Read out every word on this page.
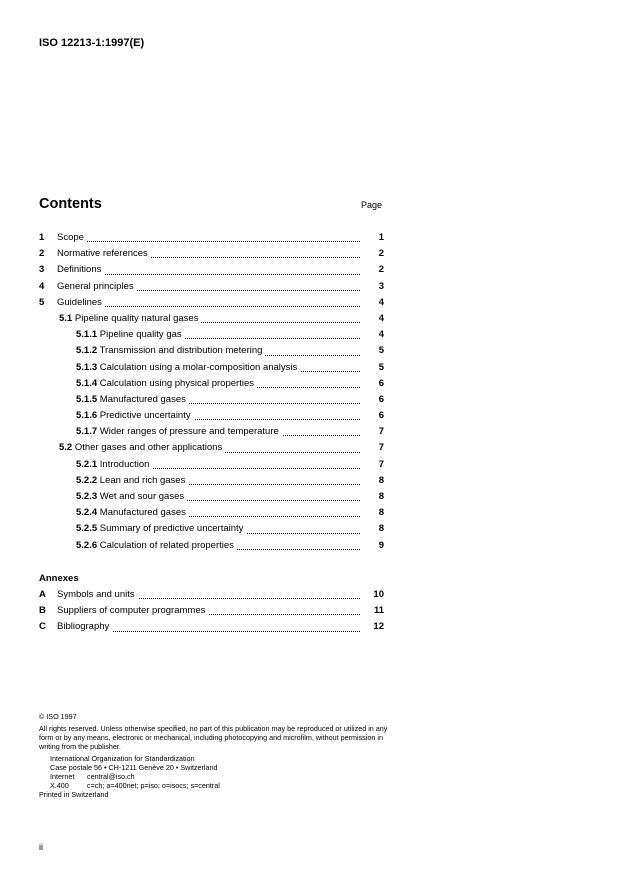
ISO 12213-1:1997(E)
Contents	Page
1 Scope	1
2 Normative references	2
3 Definitions	2
4 General principles	3
5 Guidelines	4
5.1 Pipeline quality natural gases	4
5.1.1 Pipeline quality gas	4
5.1.2 Transmission and distribution metering	5
5.1.3 Calculation using a molar-composition analysis	5
5.1.4 Calculation using physical properties	6
5.1.5 Manufactured gases	6
5.1.6 Predictive uncertainty	6
5.1.7 Wider ranges of pressure and temperature	7
5.2 Other gases and other applications	7
5.2.1 Introduction	7
5.2.2 Lean and rich gases	8
5.2.3 Wet and sour gases	8
5.2.4 Manufactured gases	8
5.2.5 Summary of predictive uncertainty	8
5.2.6 Calculation of related properties	9
Annexes
A Symbols and units	10
B Suppliers of computer programmes	11
C Bibliography	12

© ISO 1997

All rights reserved. Unless otherwise specified, no part of this publication may be reproduced or utilized in any form or by any means, electronic or mechanical, including photocopying and microfilm, without permission in writing from the publisher.

International Organization for Standardization

Case postale 56 • CH-1211 Genève 20 • Switzerland

Internet central@iso.ch

X.400	c=ch; a=400net; p=iso; o=isocs; s=central

Printed in Switzerland

ii
